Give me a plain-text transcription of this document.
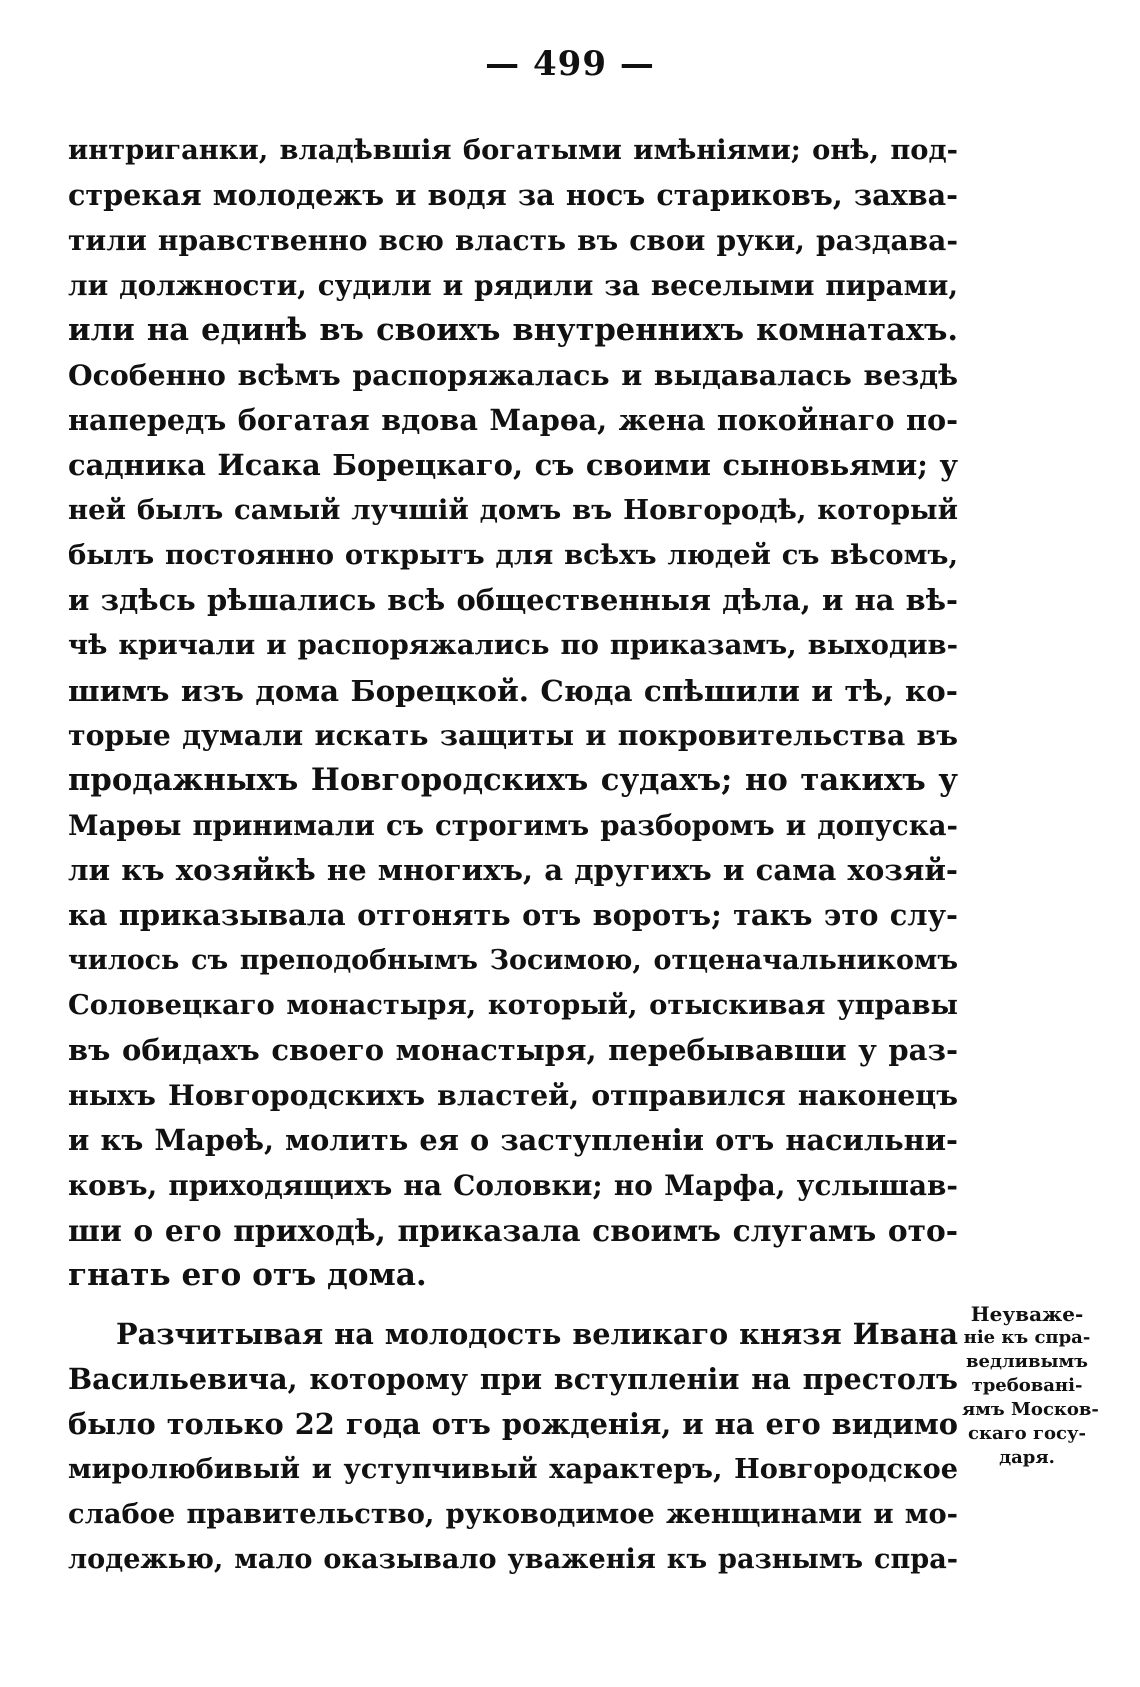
— 499 —

интриганки, владѣвшія богатыми имѣніями; онѣ, под-
стрекая молодежъ и водя за носъ стариковъ, захва-
тили нравственно всю власть въ свои руки, раздава-
ли должности, судили и рядили за веселыми пирами,
или на единѣ въ своихъ внутреннихъ комнатахъ.
Особенно всѣмъ распоряжалась и выдавалась вездѣ
напередъ богатая вдова Марѳа, жена покойнаго по-
садника Исака Борецкаго, съ своими сыновьями; у
ней былъ самый лучшій домъ въ Новгородѣ, который
былъ постоянно открытъ для всѣхъ людей съ вѣсомъ,
и здѣсь рѣшались всѣ общественныя дѣла, и на вѣ-
чѣ кричали и распоряжались по приказамъ, выходив-
шимъ изъ дома Борецкой. Сюда спѣшили и тѣ, ко-
торые думали искать защиты и покровительства въ
продажныхъ Новгородскихъ судахъ; но такихъ у
Марѳы принимали съ строгимъ разборомъ и допуска-
ли къ хозяйкѣ не многихъ, а другихъ и сама хозяй-
ка приказывала отгонять отъ воротъ; такъ это слу-
чилось съ преподобнымъ Зосимою, отценачальникомъ
Соловецкаго монастыря, который, отыскивая управы
въ обидахъ своего монастыря, перебывавши у раз-
ныхъ Новгородскихъ властей, отправился наконецъ
и къ Марѳѣ, молить ея о заступленіи отъ насильни-
ковъ, приходящихъ на Соловки; но Марфа, услышав-
ши о его приходѣ, приказала своимъ слугамъ ото-
гнать его отъ дома.

Разчитывая на молодость великаго князя Ивана
Васильевича, которому при вступленіи на престолъ
было только 22 года отъ рожденія, и на его видимо
миролюбивый и уступчивый характеръ, Новгородское
слабое правительство, руководимое женщинами и мо-
лодежью, мало оказывало уваженія къ разнымъ спра-

Неуваже-
ніе къ спра-
ведливымъ
требовані-
ямъ Москов-
скаго госу-
даря.
